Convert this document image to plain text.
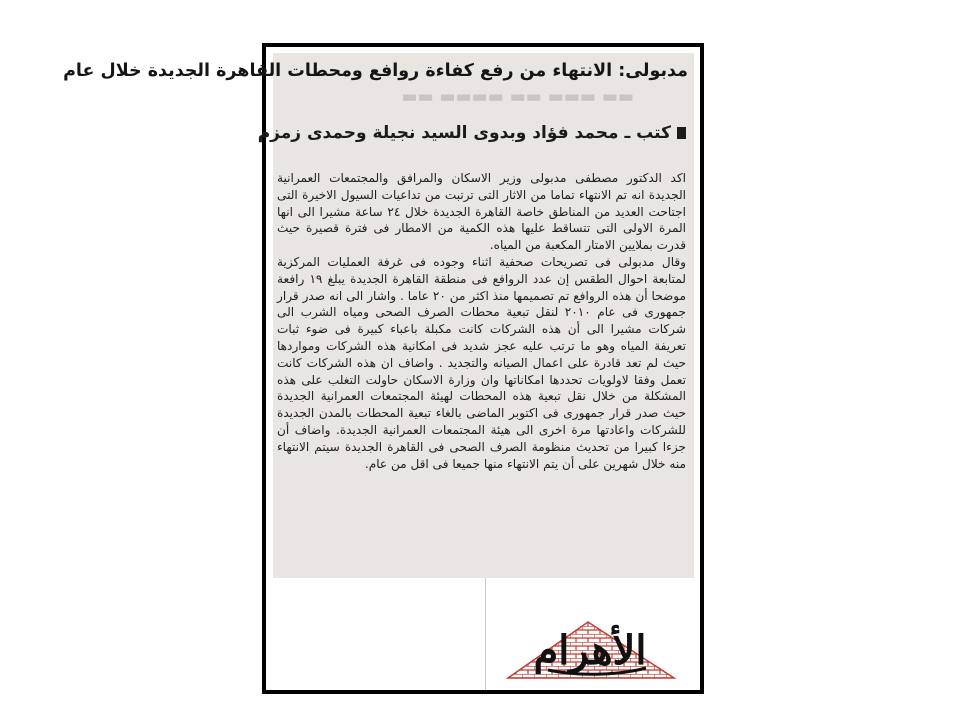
مدبولى: الانتهاء من رفع كفاءة روافع ومحطات القاهرة الجديدة خلال عام
▬▬ ▬▬▬ ▬▬ ▬▬▬▬ ▬▬
كتب ـ محمد فؤاد وبدوى السيد نجيلة وحمدى زمزم

اكد الدكتور مصطفى مدبولى وزير الاسكان والمرافق والمجتمعات العمرانية الجديدة انه تم الانتهاء تماما من الاثار التى ترتبت من تداعيات السيول الاخيرة التى اجتاحت العديد من المناطق خاصة القاهرة الجديدة خلال ٢٤ ساعة مشيرا الى انها المرة الاولى التى تتساقط عليها هذه الكمية من الامطار فى فترة قصيرة حيث قدرت بملايين الامتار المكعبة من المياه.

وقال مدبولى فى تصريحات صحفية اثناء وجوده فى غرفة العمليات المركزية لمتابعة احوال الطقس إن عدد الروافع فى منطقة القاهرة الجديدة يبلغ ١٩ رافعة موضحا أن هذه الروافع تم تصميمها منذ اكثر من ٢٠ عاما . واشار الى انه صدر قرار جمهورى فى عام ٢٠١٠ لنقل تبعية محطات الصرف الصحى ومياه الشرب الى شركات مشيرا الى أن هذه الشركات كانت مكبلة باعباء كبيرة فى ضوء ثبات تعريفة المياه وهو ما ترتب عليه عجز شديد فى امكانية هذه الشركات ومواردها حيث لم تعد قادرة على اعمال الصيانه والتجديد . واضاف ان هذه الشركات كانت تعمل وفقا لاولويات تحددها امكاناتها وان وزارة الاسكان حاولت التغلب على هذه المشكلة من خلال نقل تبعية هذه المحطات لهيئة المجتمعات العمرانية الجديدة حيث صدر قرار جمهورى فى اكتوبر الماضى بالغاء تبعية المحطات بالمدن الجديدة للشركات واعادتها مرة اخرى الى هيئة المجتمعات العمرانية الجديدة. واضاف أن جزءا كبيرا من تحديث منظومة الصرف الصحى فى القاهرة الجديدة سيتم الانتهاء منه خلال شهرين على أن يتم الانتهاء منها جميعا فى اقل من عام.

الأهرام
